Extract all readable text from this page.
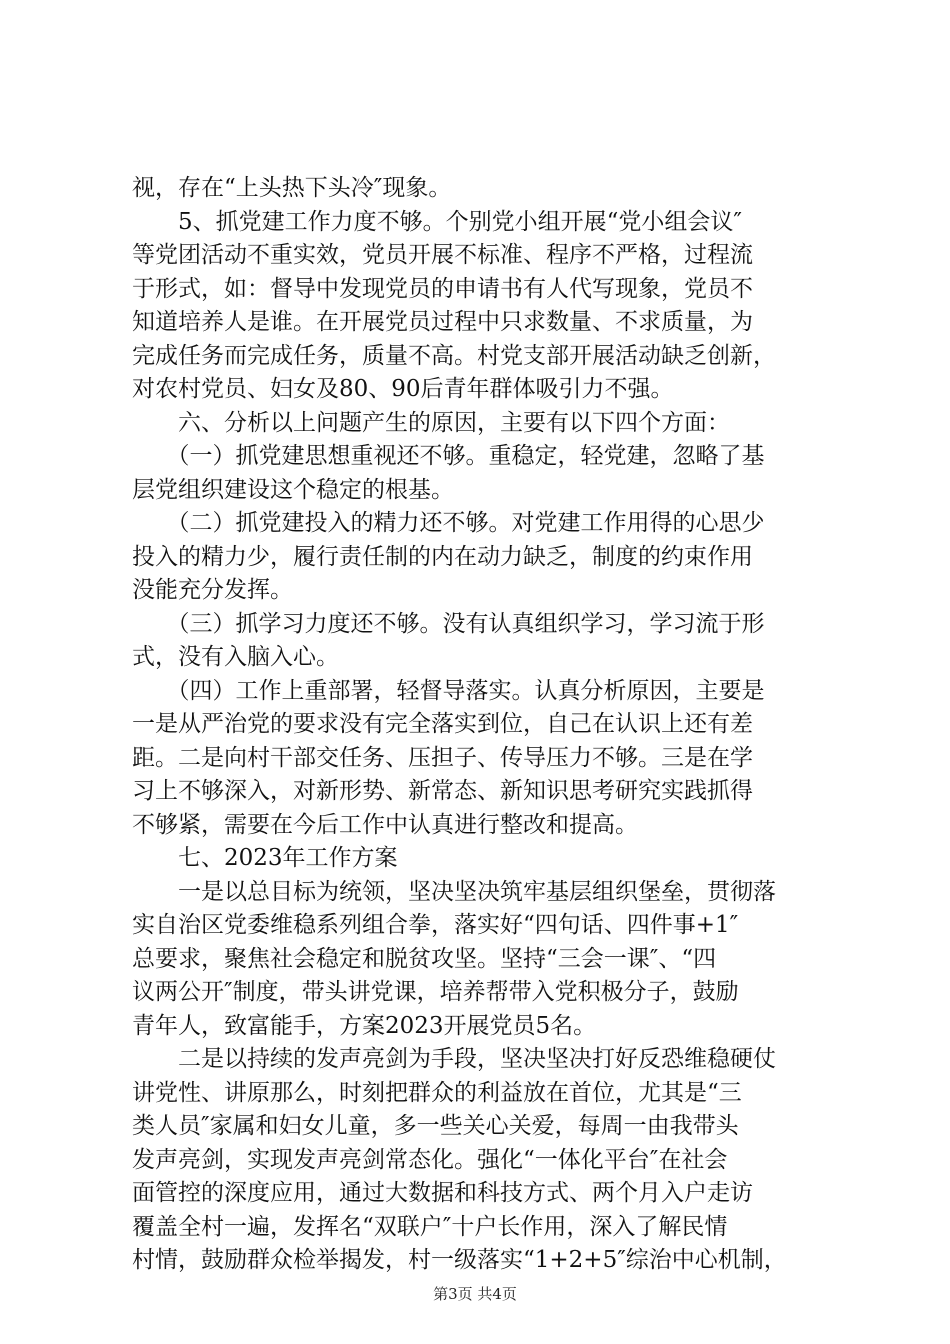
视，存在“上头热下头冷″现象。
　　5、抓党建工作力度不够。个别党小组开展“党小组会议″
等党团活动不重实效，党员开展不标准、程序不严格，过程流
于形式，如：督导中发现党员的申请书有人代写现象，党员不
知道培养人是谁。在开展党员过程中只求数量、不求质量，为
完成任务而完成任务，质量不高。村党支部开展活动缺乏创新，
对农村党员、妇女及80、90后青年群体吸引力不强。
　　六、分析以上问题产生的原因，主要有以下四个方面：
　　（一）抓党建思想重视还不够。重稳定，轻党建，忽略了基
层党组织建设这个稳定的根基。
　　（二）抓党建投入的精力还不够。对党建工作用得的心思少
投入的精力少，履行责任制的内在动力缺乏，制度的约束作用
没能充分发挥。
　　（三）抓学习力度还不够。没有认真组织学习，学习流于形
式，没有入脑入心。
　　（四）工作上重部署，轻督导落实。认真分析原因，主要是
一是从严治党的要求没有完全落实到位，自己在认识上还有差
距。二是向村干部交任务、压担子、传导压力不够。三是在学
习上不够深入，对新形势、新常态、新知识思考研究实践抓得
不够紧，需要在今后工作中认真进行整改和提高。
　　七、2023年工作方案
　　一是以总目标为统领，坚决坚决筑牢基层组织堡垒，贯彻落
实自治区党委维稳系列组合拳，落实好“四句话、四件事+1″
总要求，聚焦社会稳定和脱贫攻坚。坚持“三会一课″、“四
议两公开″制度，带头讲党课，培养帮带入党积极分子，鼓励
青年人，致富能手，方案2023开展党员5名。
　　二是以持续的发声亮剑为手段，坚决坚决打好反恐维稳硬仗
讲党性、讲原那么，时刻把群众的利益放在首位，尤其是“三
类人员″家属和妇女儿童，多一些关心关爱，每周一由我带头
发声亮剑，实现发声亮剑常态化。强化“一体化平台″在社会
面管控的深度应用，通过大数据和科技方式、两个月入户走访
覆盖全村一遍，发挥名“双联户″十户长作用，深入了解民情
村情，鼓励群众检举揭发，村一级落实“1+2+5″综治中心机制，
第3页 共4页
